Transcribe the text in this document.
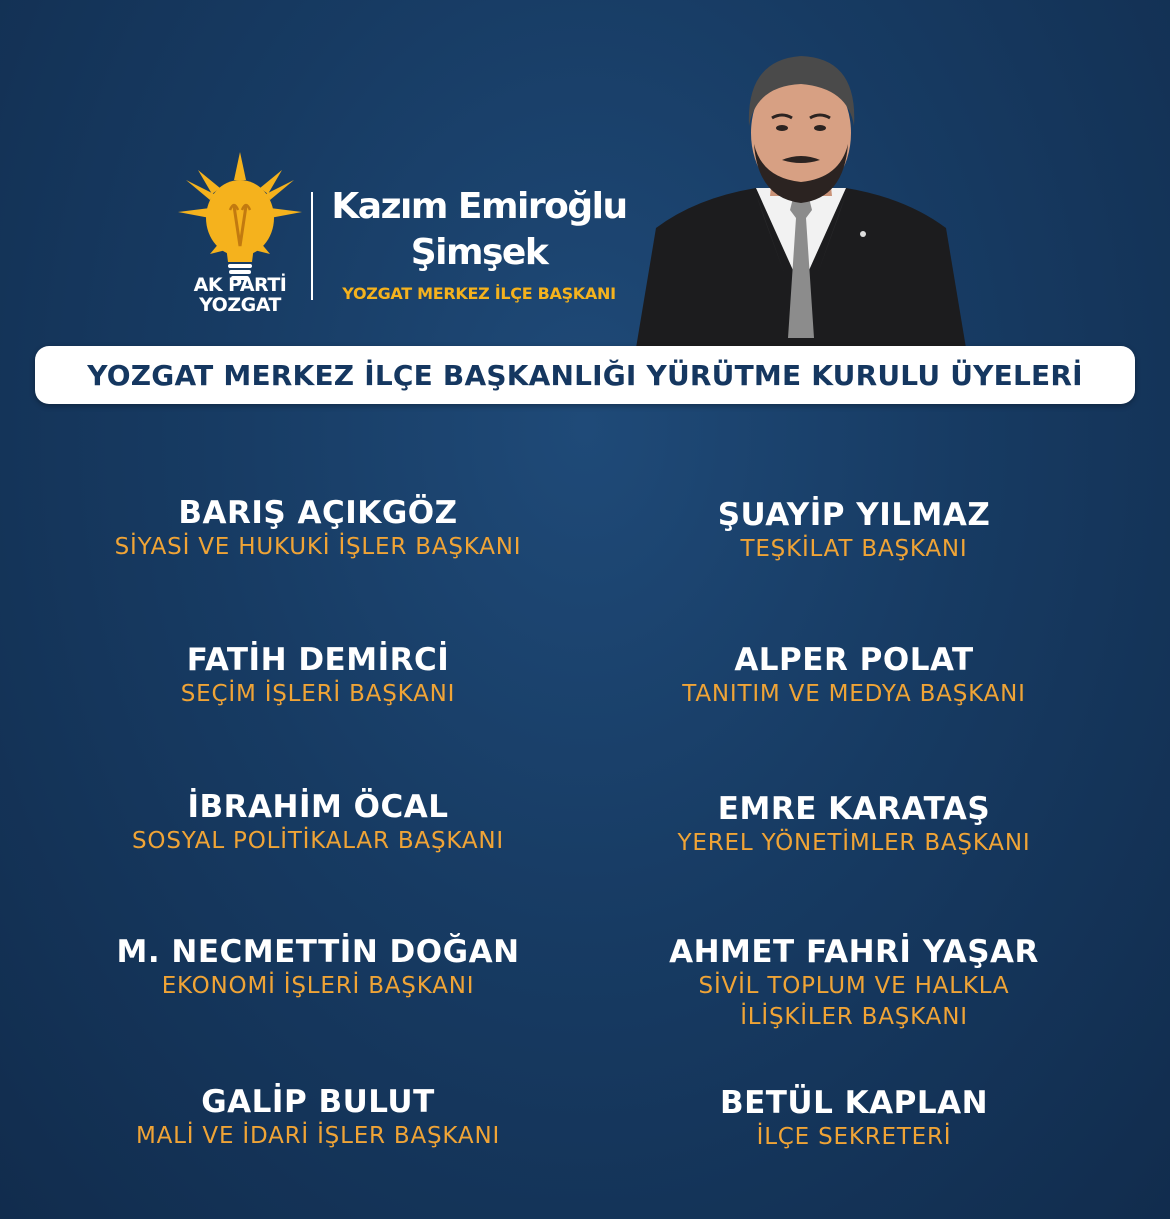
AK PARTİ
YOZGAT
Kazım Emiroğlu
Şimşek
YOZGAT MERKEZ İLÇE BAŞKANI
YOZGAT MERKEZ İLÇE BAŞKANLIĞI YÜRÜTME KURULU ÜYELERİ
BARIŞ AÇIKGÖZ
SİYASİ VE HUKUKİ İŞLER BAŞKANI
ŞUAYİP YILMAZ
TEŞKİLAT BAŞKANI
FATİH DEMİRCİ
SEÇİM İŞLERİ BAŞKANI
ALPER POLAT
TANITIM VE MEDYA BAŞKANI
İBRAHİM ÖCAL
SOSYAL POLİTİKALAR BAŞKANI
EMRE KARATAŞ
YEREL YÖNETİMLER BAŞKANI
M. NECMETTİN DOĞAN
EKONOMİ İŞLERİ BAŞKANI
AHMET FAHRİ YAŞAR
SİVİL TOPLUM VE HALKLA
İLİŞKİLER BAŞKANI
GALİP BULUT
MALİ VE İDARİ İŞLER BAŞKANI
BETÜL KAPLAN
İLÇE SEKRETERİ
